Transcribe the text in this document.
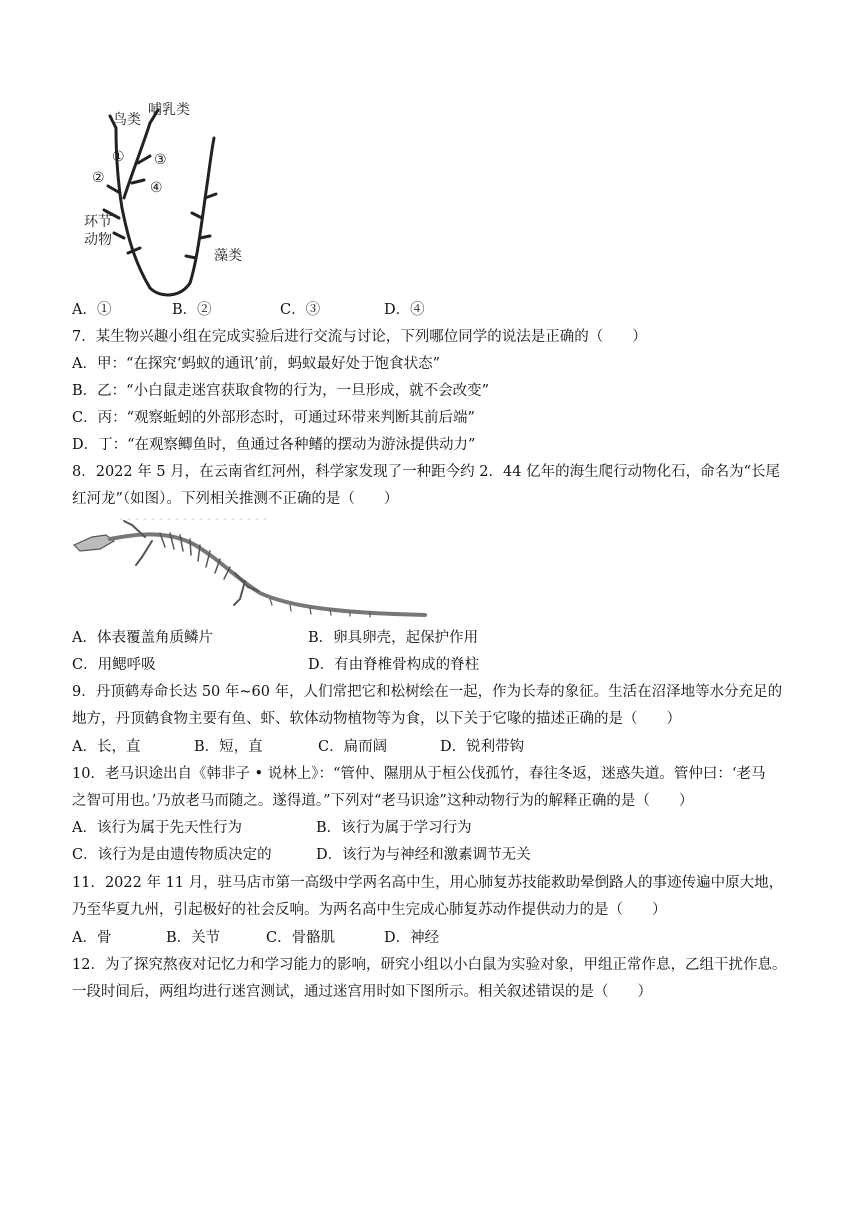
鸟类
哺乳类
①
②
③
④
环节
动物
藻类
A．①	B．②	C．③	D．④
7．某生物兴趣小组在完成实验后进行交流与讨论，下列哪位同学的说法是正确的（　　）
A．甲：“在探究‘蚂蚁的通讯’前，蚂蚁最好处于饱食状态”
B．乙：“小白鼠走迷宫获取食物的行为，一旦形成，就不会改变”
C．丙：“观察蚯蚓的外部形态时，可通过环带来判断其前后端”
D．丁：“在观察鲫鱼时，鱼通过各种鳍的摆动为游泳提供动力”
8．2022 年 5 月，在云南省红河州，科学家发现了一种距今约 2．44 亿年的海生爬行动物化石，命名为“长尾
红河龙”（如图）。下列相关推测不正确的是（　　）
A．体表覆盖角质鳞片	B．卵具卵壳，起保护作用
C．用鳃呼吸	D．有由脊椎骨构成的脊柱
9．丹顶鹤寿命长达 50 年~60 年，人们常把它和松树绘在一起，作为长寿的象征。生活在沼泽地等水分充足的
地方，丹顶鹤食物主要有鱼、虾、软体动物植物等为食，以下关于它喙的描述正确的是（　　）
A．长，直	B．短，直	C．扁而阔	D．锐利带钩
10．老马识途出自《韩非子 • 说林上》：“管仲、隰朋从于桓公伐孤竹，春往冬返，迷惑失道。管仲曰：‘老马
之智可用也。’乃放老马而随之。遂得道。”下列对“老马识途”这种动物行为的解释正确的是（　　）
A．该行为属于先天性行为	B．该行为属于学习行为
C．该行为是由遗传物质决定的	D．该行为与神经和激素调节无关
11．2022 年 11 月，驻马店市第一高级中学两名高中生，用心肺复苏技能救助晕倒路人的事迹传遍中原大地，
乃至华夏九州，引起极好的社会反响。为两名高中生完成心肺复苏动作提供动力的是（　　）
A．骨	B．关节	C．骨骼肌	D．神经
12．为了探究熬夜对记忆力和学习能力的影响，研究小组以小白鼠为实验对象，甲组正常作息，乙组干扰作息。
一段时间后，两组均进行迷宫测试，通过迷宫用时如下图所示。相关叙述错误的是（　　）
